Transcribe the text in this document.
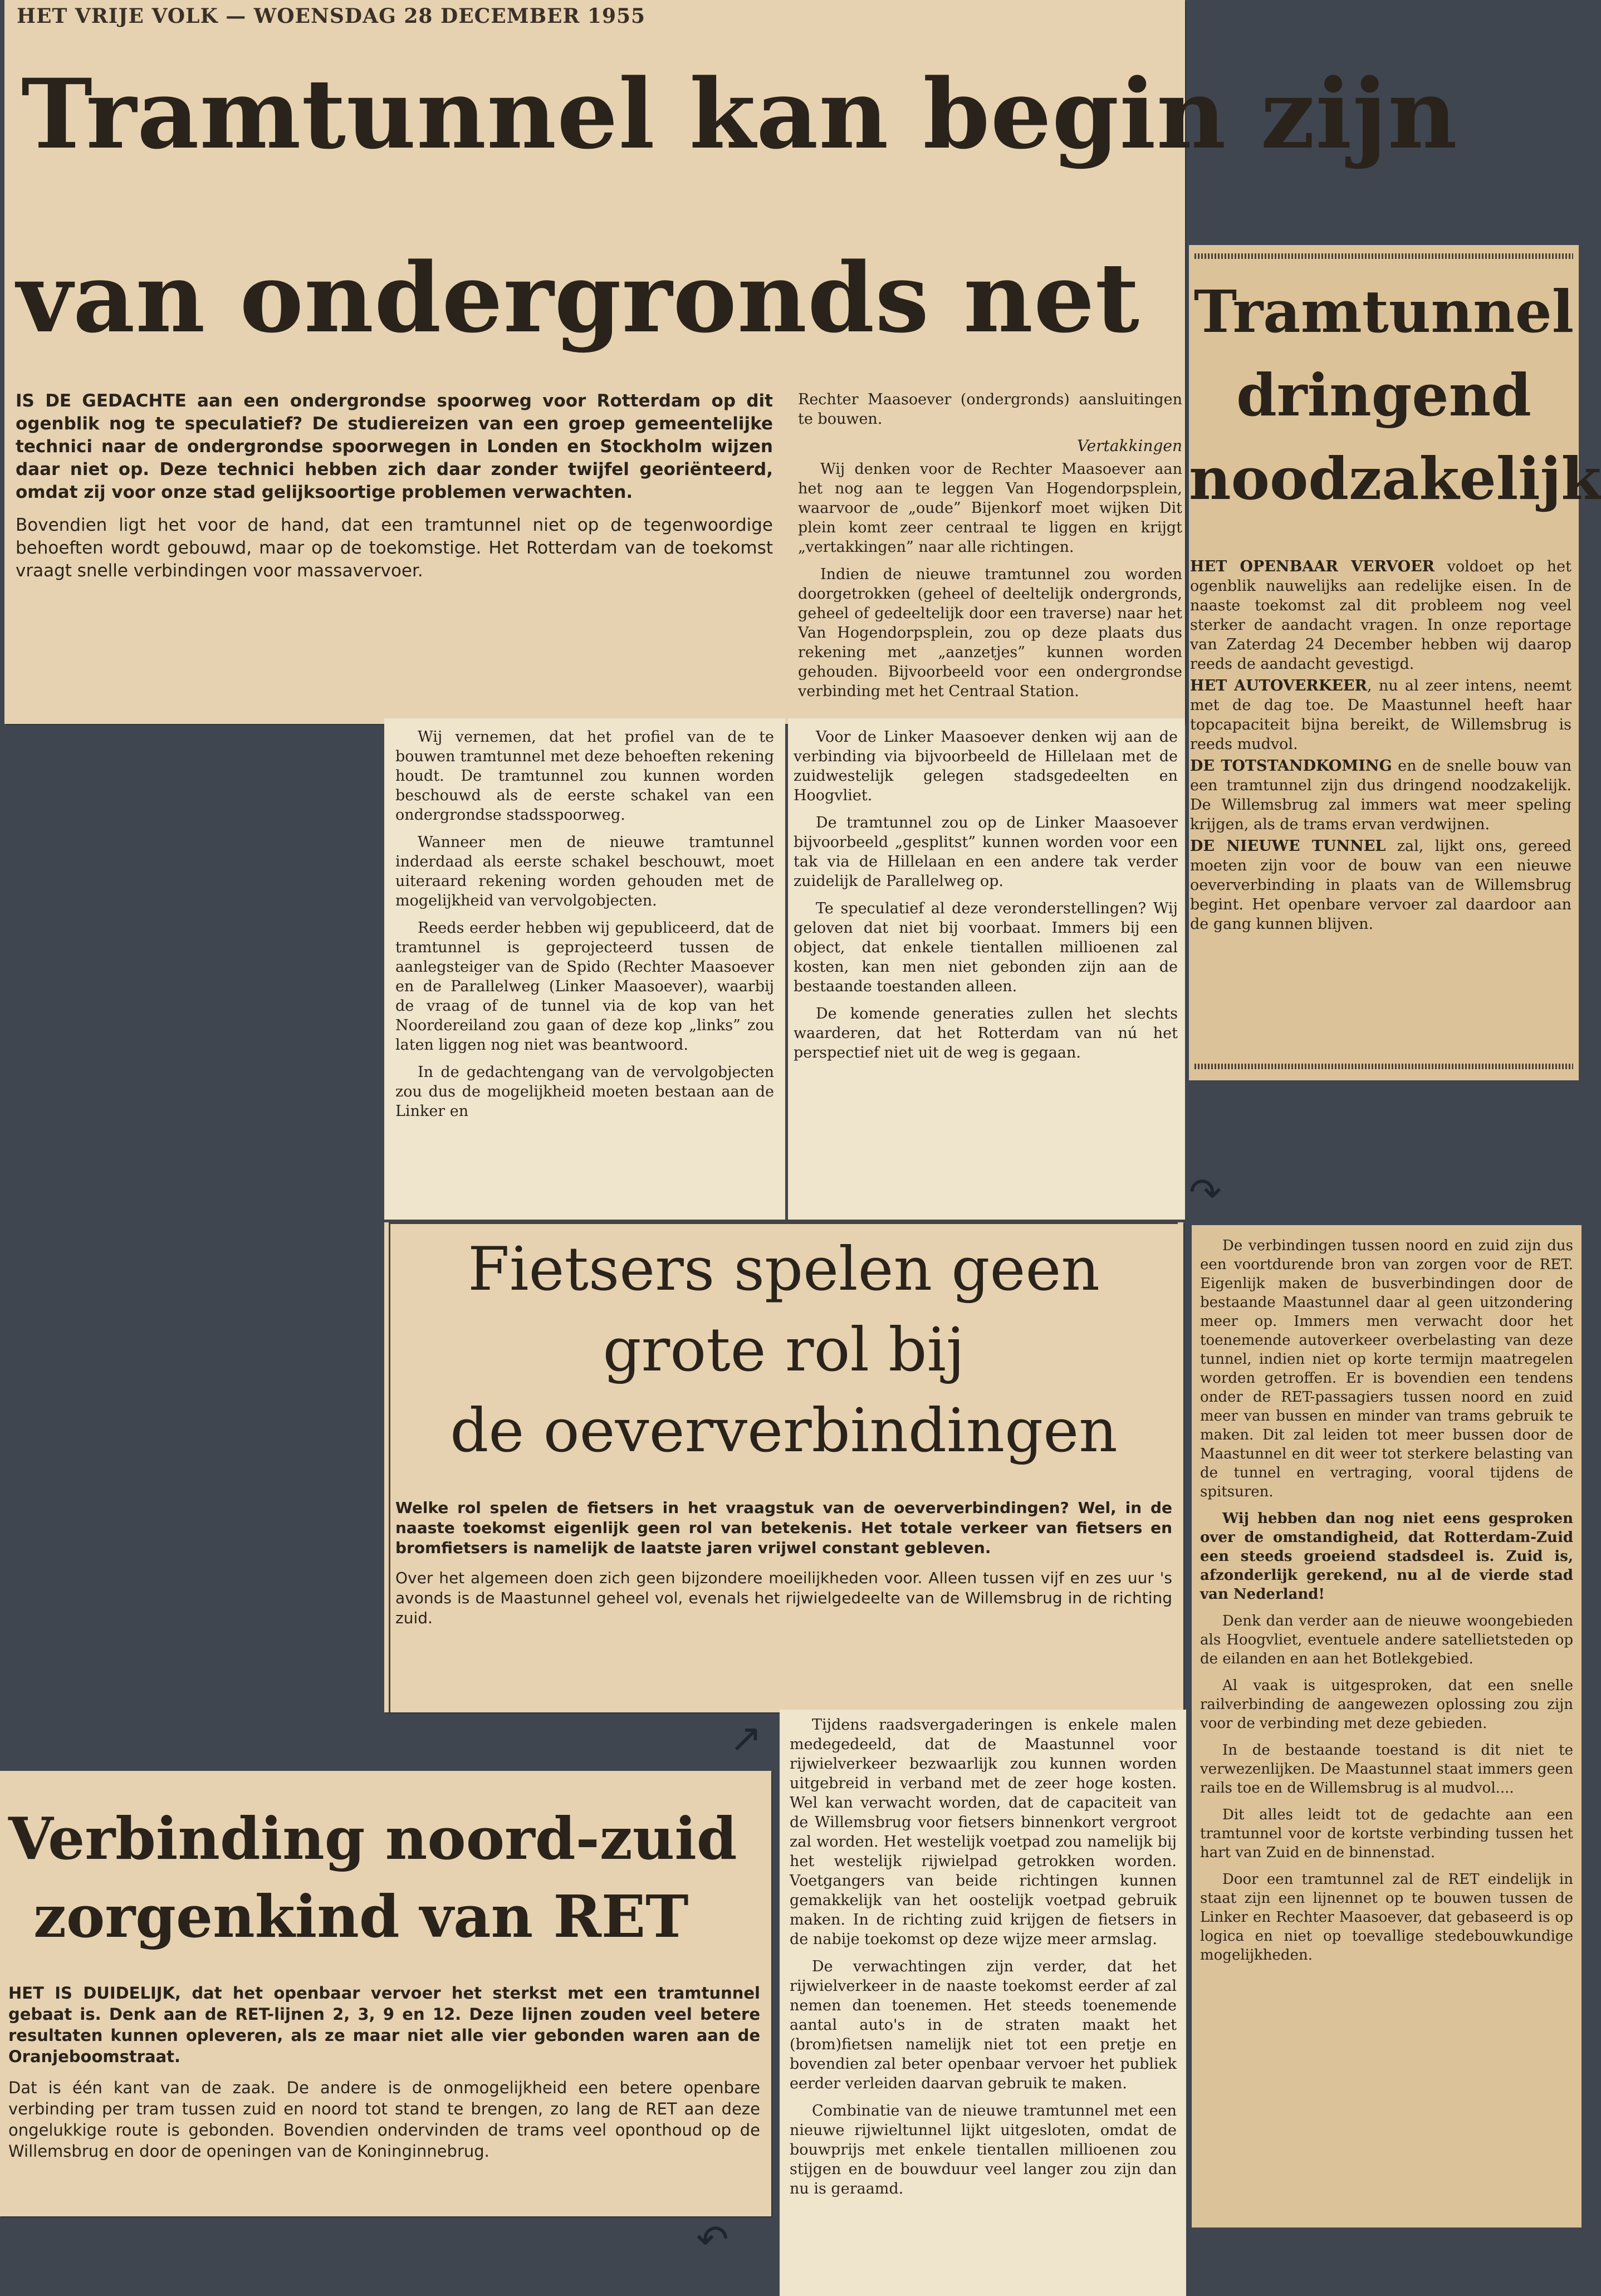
HET VRIJE VOLK — WOENSDAG 28 DECEMBER 1955
Tramtunnel kan begin zijn
van ondergronds net

IS DE GEDACHTE aan een ondergrondse spoorweg voor Rotterdam op dit ogenblik nog te speculatief? De studiereizen van een groep gemeentelijke technici naar de ondergrondse spoorwegen in Londen en Stockholm wijzen daar niet op. Deze technici hebben zich daar zonder twijfel georiënteerd, omdat zij voor onze stad gelijksoortige problemen verwachten.

Bovendien ligt het voor de hand, dat een tramtunnel niet op de tegenwoordige behoeften wordt gebouwd, maar op de toekomstige. Het Rotterdam van de toekomst vraagt snelle verbindingen voor massavervoer.

Rechter Maasoever (ondergronds) aansluitingen te bouwen.

Vertakkingen

Wij denken voor de Rechter Maasoever aan het nog aan te leggen Van Hogendorpsplein, waarvoor de „oude” Bijenkorf moet wijken Dit plein komt zeer centraal te liggen en krijgt „vertakkingen” naar alle richtingen.

Indien de nieuwe tramtunnel zou worden doorgetrokken (geheel of deeltelijk ondergronds, geheel of gedeeltelijk door een traverse) naar het Van Hogendorpsplein, zou op deze plaats dus rekening met „aanzetjes” kunnen worden gehouden. Bijvoorbeeld voor een ondergrondse verbinding met het Centraal Station.

Wij vernemen, dat het profiel van de te bouwen tramtunnel met deze behoeften rekening houdt. De tramtunnel zou kunnen worden beschouwd als de eerste schakel van een ondergrondse stadsspoorweg.

Wanneer men de nieuwe tramtunnel inderdaad als eerste schakel beschouwt, moet uiteraard rekening worden gehouden met de mogelijkheid van vervolgobjecten.

Reeds eerder hebben wij gepubliceerd, dat de tramtunnel is geprojecteerd tussen de aanlegsteiger van de Spido (Rechter Maasoever en de Parallelweg (Linker Maasoever), waarbij de vraag of de tunnel via de kop van het Noordereiland zou gaan of deze kop „links” zou laten liggen nog niet was beantwoord.

In de gedachtengang van de vervolgobjecten zou dus de mogelijkheid moeten bestaan aan de Linker en

Voor de Linker Maasoever denken wij aan de verbinding via bijvoorbeeld de Hillelaan met de zuidwestelijk gelegen stadsgedeelten en Hoogvliet.

De tramtunnel zou op de Linker Maasoever bijvoorbeeld „gesplitst” kunnen worden voor een tak via de Hillelaan en een andere tak verder zuidelijk de Parallelweg op.

Te speculatief al deze veronderstellingen? Wij geloven dat niet bij voorbaat. Immers bij een object, dat enkele tientallen millioenen zal kosten, kan men niet gebonden zijn aan de bestaande toestanden alleen.

De komende generaties zullen het slechts waarderen, dat het Rotterdam van nú het perspectief niet uit de weg is gegaan.

Tramtunnel
dringend
noodzakelijk

HET OPENBAAR VERVOER voldoet op het ogenblik nauwelijks aan redelijke eisen. In de naaste toekomst zal dit probleem nog veel sterker de aandacht vragen. In onze reportage van Zaterdag 24 December hebben wij daarop reeds de aandacht gevestigd.

HET AUTOVERKEER, nu al zeer intens, neemt met de dag toe. De Maastunnel heeft haar topcapaciteit bijna bereikt, de Willemsbrug is reeds mudvol.

DE TOTSTANDKOMING en de snelle bouw van een tramtunnel zijn dus dringend noodzakelijk. De Willemsbrug zal immers wat meer speling krijgen, als de trams ervan verdwijnen.

DE NIEUWE TUNNEL zal, lijkt ons, gereed moeten zijn voor de bouw van een nieuwe oeververbinding in plaats van de Willemsbrug begint. Het openbare vervoer zal daardoor aan de gang kunnen blijven.

Fietsers spelen geen
grote rol bij
de oeververbindingen

Welke rol spelen de fietsers in het vraagstuk van de oeververbindingen? Wel, in de naaste toekomst eigenlijk geen rol van betekenis. Het totale verkeer van fietsers en bromfietsers is namelijk de laatste jaren vrijwel constant gebleven.

Over het algemeen doen zich geen bijzondere moeilijkheden voor. Alleen tussen vijf en zes uur 's avonds is de Maastunnel geheel vol, evenals het rijwielgedeelte van de Willemsbrug in de richting zuid.

Tijdens raadsvergaderingen is enkele malen medegedeeld, dat de Maastunnel voor rijwielverkeer bezwaarlijk zou kunnen worden uitgebreid in verband met de zeer hoge kosten. Wel kan verwacht worden, dat de capaciteit van de Willemsbrug voor fietsers binnenkort vergroot zal worden. Het westelijk voetpad zou namelijk bij het westelijk rijwielpad getrokken worden. Voetgangers van beide richtingen kunnen gemakkelijk van het oostelijk voetpad gebruik maken. In de richting zuid krijgen de fietsers in de nabije toekomst op deze wijze meer armslag.

De verwachtingen zijn verder, dat het rijwielverkeer in de naaste toekomst eerder af zal nemen dan toenemen. Het steeds toenemende aantal auto's in de straten maakt het (brom)fietsen namelijk niet tot een pretje en bovendien zal beter openbaar vervoer het publiek eerder verleiden daarvan gebruik te maken.

Combinatie van de nieuwe tramtunnel met een nieuwe rijwieltunnel lijkt uitgesloten, omdat de bouwprijs met enkele tientallen millioenen zou stijgen en de bouwduur veel langer zou zijn dan nu is geraamd.

Verbinding noord-zuid
zorgenkind van RET

HET IS DUIDELIJK, dat het openbaar vervoer het sterkst met een tramtunnel gebaat is. Denk aan de RET-lijnen 2, 3, 9 en 12. Deze lijnen zouden veel betere resultaten kunnen opleveren, als ze maar niet alle vier gebonden waren aan de Oranjeboomstraat.

Dat is één kant van de zaak. De andere is de onmogelijkheid een betere openbare verbinding per tram tussen zuid en noord tot stand te brengen, zo lang de RET aan deze ongelukkige route is gebonden. Bovendien ondervinden de trams veel oponthoud op de Willemsbrug en door de openingen van de Koninginnebrug.

De verbindingen tussen noord en zuid zijn dus een voortdurende bron van zorgen voor de RET. Eigenlijk maken de busverbindingen door de bestaande Maastunnel daar al geen uitzondering meer op. Immers men verwacht door het toenemende autoverkeer overbelasting van deze tunnel, indien niet op korte termijn maatregelen worden getroffen. Er is bovendien een tendens onder de RET-passagiers tussen noord en zuid meer van bussen en minder van trams gebruik te maken. Dit zal leiden tot meer bussen door de Maastunnel en dit weer tot sterkere belasting van de tunnel en vertraging, vooral tijdens de spitsuren.

Wij hebben dan nog niet eens gesproken over de omstandigheid, dat Rotterdam-Zuid een steeds groeiend stadsdeel is. Zuid is, afzonderlijk gerekend, nu al de vierde stad van Nederland!

Denk dan verder aan de nieuwe woongebieden als Hoogvliet, eventuele andere satellietsteden op de eilanden en aan het Botlekgebied.

Al vaak is uitgesproken, dat een snelle railverbinding de aangewezen oplossing zou zijn voor de verbinding met deze gebieden.

In de bestaande toestand is dit niet te verwezenlijken. De Maastunnel staat immers geen rails toe en de Willemsbrug is al mudvol....

Dit alles leidt tot de gedachte aan een tramtunnel voor de kortste verbinding tussen het hart van Zuid en de binnenstad.

Door een tramtunnel zal de RET eindelijk in staat zijn een lijnennet op te bouwen tussen de Linker en Rechter Maasoever, dat gebaseerd is op logica en niet op toevallige stedebouwkundige mogelijkheden.

↷
↗
↶
